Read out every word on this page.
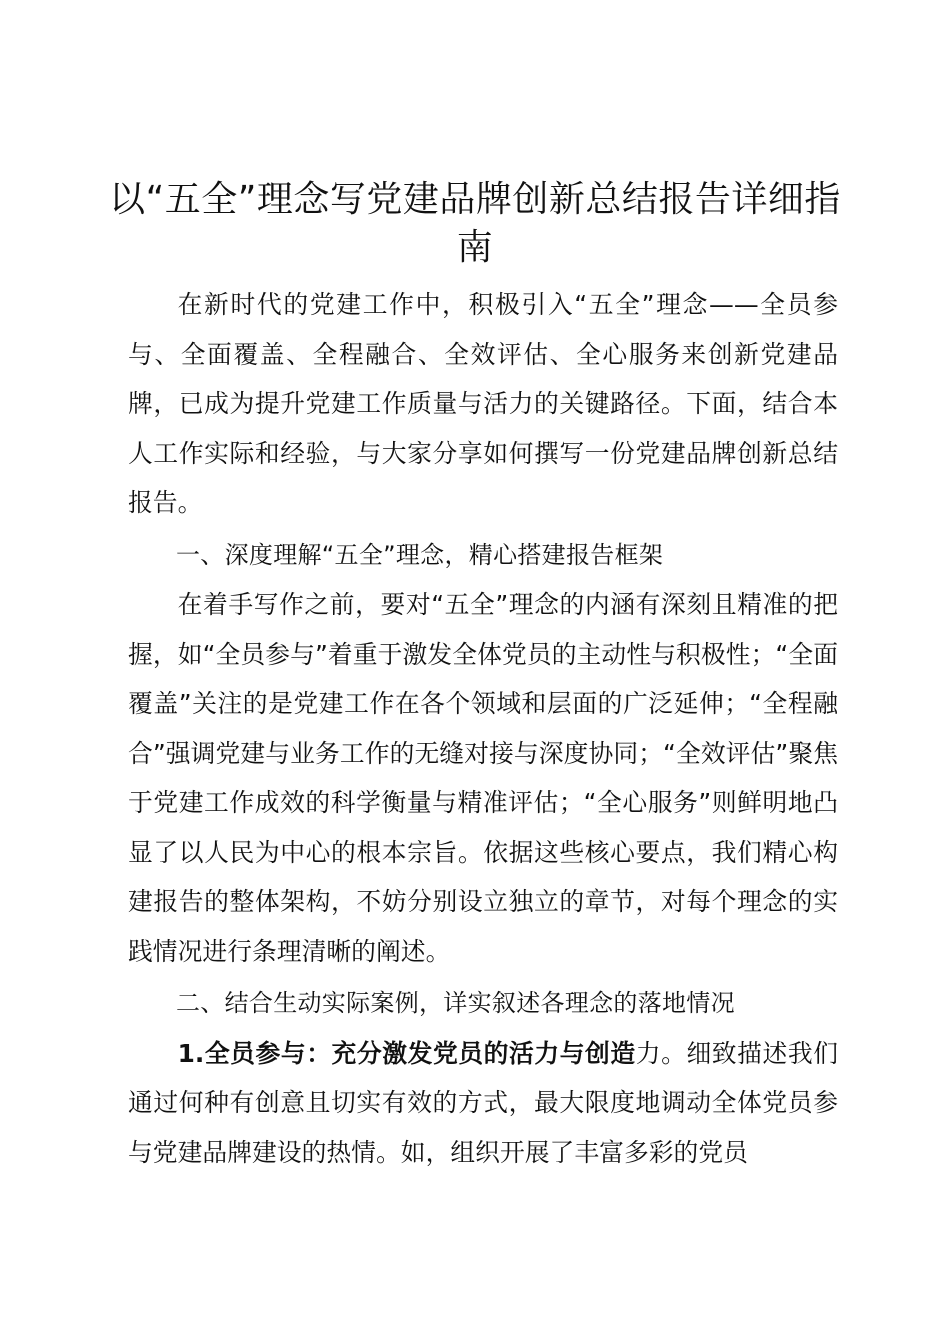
以“五全”理念写党建品牌创新总结报告详细指南

在新时代的党建工作中，积极引入“五全”理念——全员参与、全面覆盖、全程融合、全效评估、全心服务来创新党建品牌，已成为提升党建工作质量与活力的关键路径。下面，结合本人工作实际和经验，与大家分享如何撰写一份党建品牌创新总结报告。

一、深度理解“五全”理念，精心搭建报告框架

在着手写作之前，要对“五全”理念的内涵有深刻且精准的把握，如“全员参与”着重于激发全体党员的主动性与积极性；“全面覆盖”关注的是党建工作在各个领域和层面的广泛延伸；“全程融合”强调党建与业务工作的无缝对接与深度协同；“全效评估”聚焦于党建工作成效的科学衡量与精准评估；“全心服务”则鲜明地凸显了以人民为中心的根本宗旨。依据这些核心要点，我们精心构建报告的整体架构，不妨分别设立独立的章节，对每个理念的实践情况进行条理清晰的阐述。

二、结合生动实际案例，详实叙述各理念的落地情况

1.全员参与：充分激发党员的活力与创造力。细致描述我们通过何种有创意且切实有效的方式，最大限度地调动全体党员参与党建品牌建设的热情。如，组织开展了丰富多彩的党员
